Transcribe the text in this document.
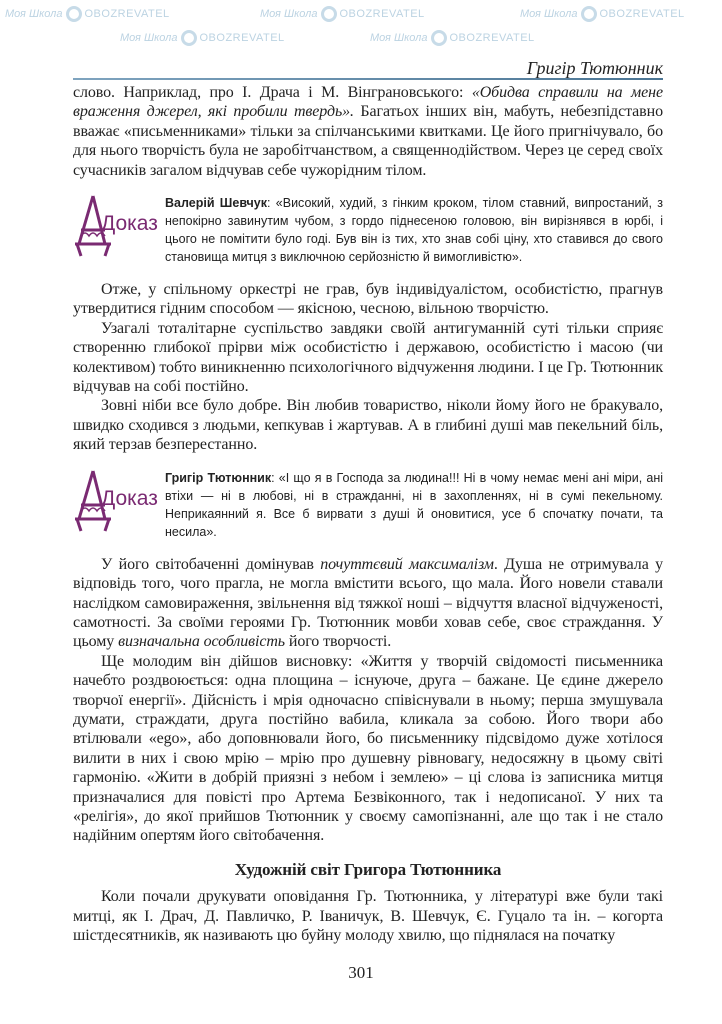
Моя Школа OBOZREVATEL	Моя Школа OBOZREVATEL	Моя Школа OBOZREVATEL
Моя Школа OBOZREVATEL	Моя Школа OBOZREVATEL
Григір Тютюнник

слово. Наприклад, про І. Драча і М. Вінграновського: «Обидва справили на мене враження джерел, які пробили твердь». Багатьох інших він, мабуть, небезпідставно вважає «письменниками» тільки за спілчанськими квитками. Це його пригнічувало, бо для нього творчість була не заробітчанством, а священнодійством. Через це серед своїх сучасників загалом відчував себе чужорідним тілом.

Доказ
Валерій Шевчук: «Високий, худий, з гінким кроком, тілом ставний, випростаний, з непокірно завинутим чубом, з гордо піднесеною головою, він вирізнявся в юрбі, і цього не помітити було годі. Був він із тих, хто знав собі ціну, хто ставився до свого становища митця з виключною серйозністю й вимогливістю».

Отже, у спільному оркестрі не грав, був індивідуалістом, особистістю, прагнув утвердитися гідним способом — якісною, чесною, вільною творчістю.

Узагалі тоталітарне суспільство завдяки своїй антигуманній суті тільки сприяє створенню глибокої прірви між особистістю і державою, особистістю і масою (чи колективом) тобто виникненню психологічного відчуження людини. І це Гр. Тютюнник відчував на собі постійно.

Зовні ніби все було добре. Він любив товариство, ніколи йому його не бракувало, швидко сходився з людьми, кепкував і жартував. А в глибині душі мав пекельний біль, який терзав безперестанно.

Доказ
Григір Тютюнник: «І що я в Господа за людина!!! Ні в чому немає мені ані міри, ані втіхи — ні в любові, ні в стражданні, ні в захопленнях, ні в сумі пекельному. Неприкаянний я. Все б вирвати з душі й оновитися, усе б спочатку почати, та несила».

У його світобаченні домінував почуттєвий максималізм. Душа не отримувала у відповідь того, чого прагла, не могла вмістити всього, що мала. Його новели ставали наслідком самовираження, звільнення від тяжкої ноші – відчуття власної відчуженості, самотності. За своїми героями Гр. Тютюнник мовби ховав себе, своє страждання. У цьому визначальна особливість його творчості.

Ще молодим він дійшов висновку: «Життя у творчій свідомості письменника начебто роздвоюється: одна площина – існуюче, друга – бажане. Це єдине джерело творчої енергії». Дійсність і мрія одночасно співіснували в ньому; перша змушувала думати, страждати, друга постійно вабила, кликала за собою. Його твори або втілювали «ego», або доповнювали його, бо письменнику підсвідомо дуже хотілося вилити в них і свою мрію – мрію про душевну рівновагу, недосяжну в цьому світі гармонію. «Жити в добрій приязні з небом і землею» – ці слова із записника митця призначалися для повісті про Артема Безвіконного, так і недописаної. У них та «релігія», до якої прийшов Тютюнник у своєму самопізнанні, але що так і не стало надійним опертям його світобачення.

Художній світ Григора Тютюнника

Коли почали друкувати оповідання Гр. Тютюнника, у літературі вже були такі митці, як І. Драч, Д. Павличко, Р. Іваничук, В. Шевчук, Є. Гуцало та ін. – когорта шістдесятників, як називають цю буйну молоду хвилю, що піднялася на початку

301
